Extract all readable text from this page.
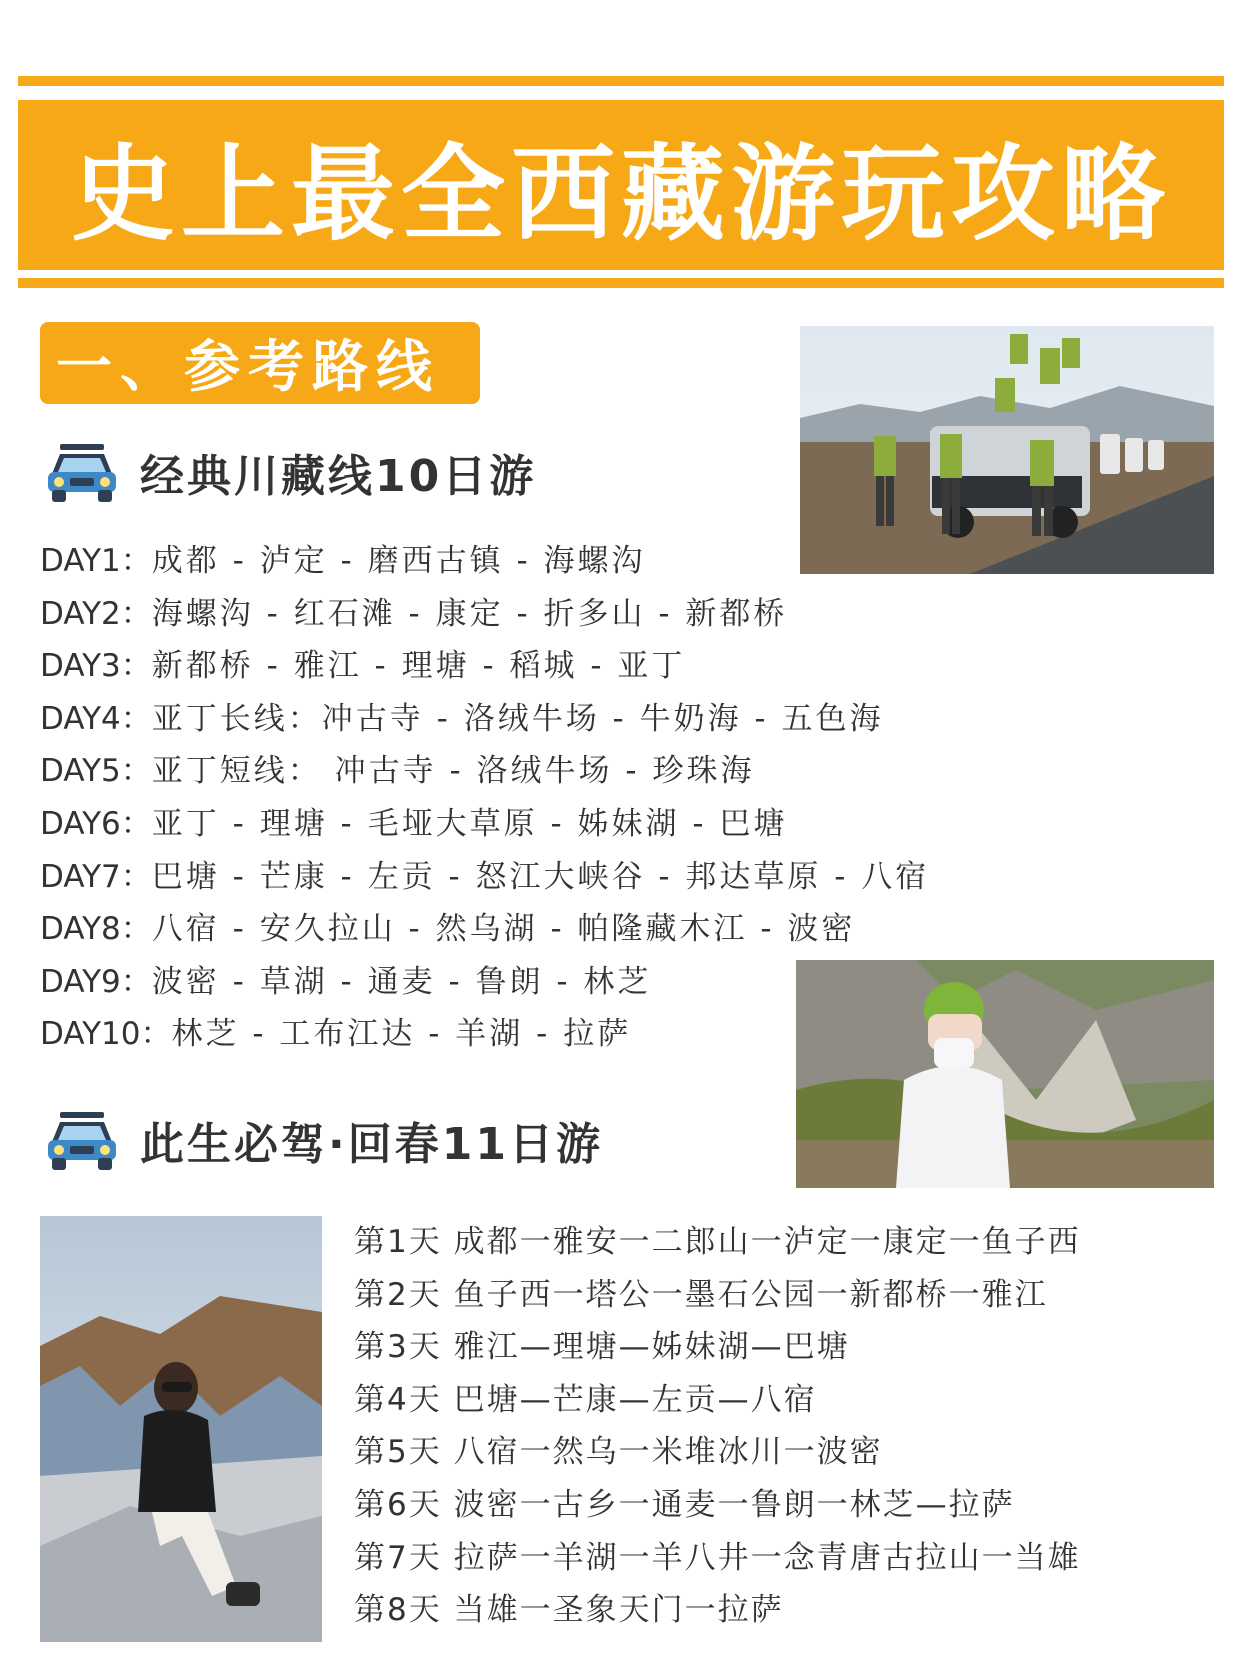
史上最全西藏游玩攻略
一、参考路线
经典川藏线10日游
DAY1：成都 - 泸定 - 磨西古镇 - 海螺沟
DAY2：海螺沟 - 红石滩 - 康定 - 折多山 - 新都桥
DAY3：新都桥 - 雅江 - 理塘 - 稻城 - 亚丁
DAY4：亚丁长线：冲古寺 - 洛绒牛场 - 牛奶海 - 五色海
DAY5：亚丁短线： 冲古寺 - 洛绒牛场 - 珍珠海
DAY6：亚丁 - 理塘 - 毛垭大草原 - 姊妹湖 - 巴塘
DAY7：巴塘 - 芒康 - 左贡 - 怒江大峡谷 - 邦达草原 - 八宿
DAY8：八宿 - 安久拉山 - 然乌湖 - 帕隆藏木江 - 波密
DAY9：波密 - 草湖 - 通麦 - 鲁朗 - 林芝
DAY10：林芝 - 工布江达 - 羊湖 - 拉萨
此生必驾·回春11日游
第1天 成都一雅安一二郎山一泸定一康定一鱼子西
第2天 鱼子西一塔公一墨石公园一新都桥一雅江
第3天 雅江—理塘—姊妹湖—巴塘
第4天 巴塘—芒康—左贡—八宿
第5天 八宿一然乌一米堆冰川一波密
第6天 波密一古乡一通麦一鲁朗一林芝—拉萨
第7天 拉萨一羊湖一羊八井一念青唐古拉山一当雄
第8天 当雄一圣象天门一拉萨
